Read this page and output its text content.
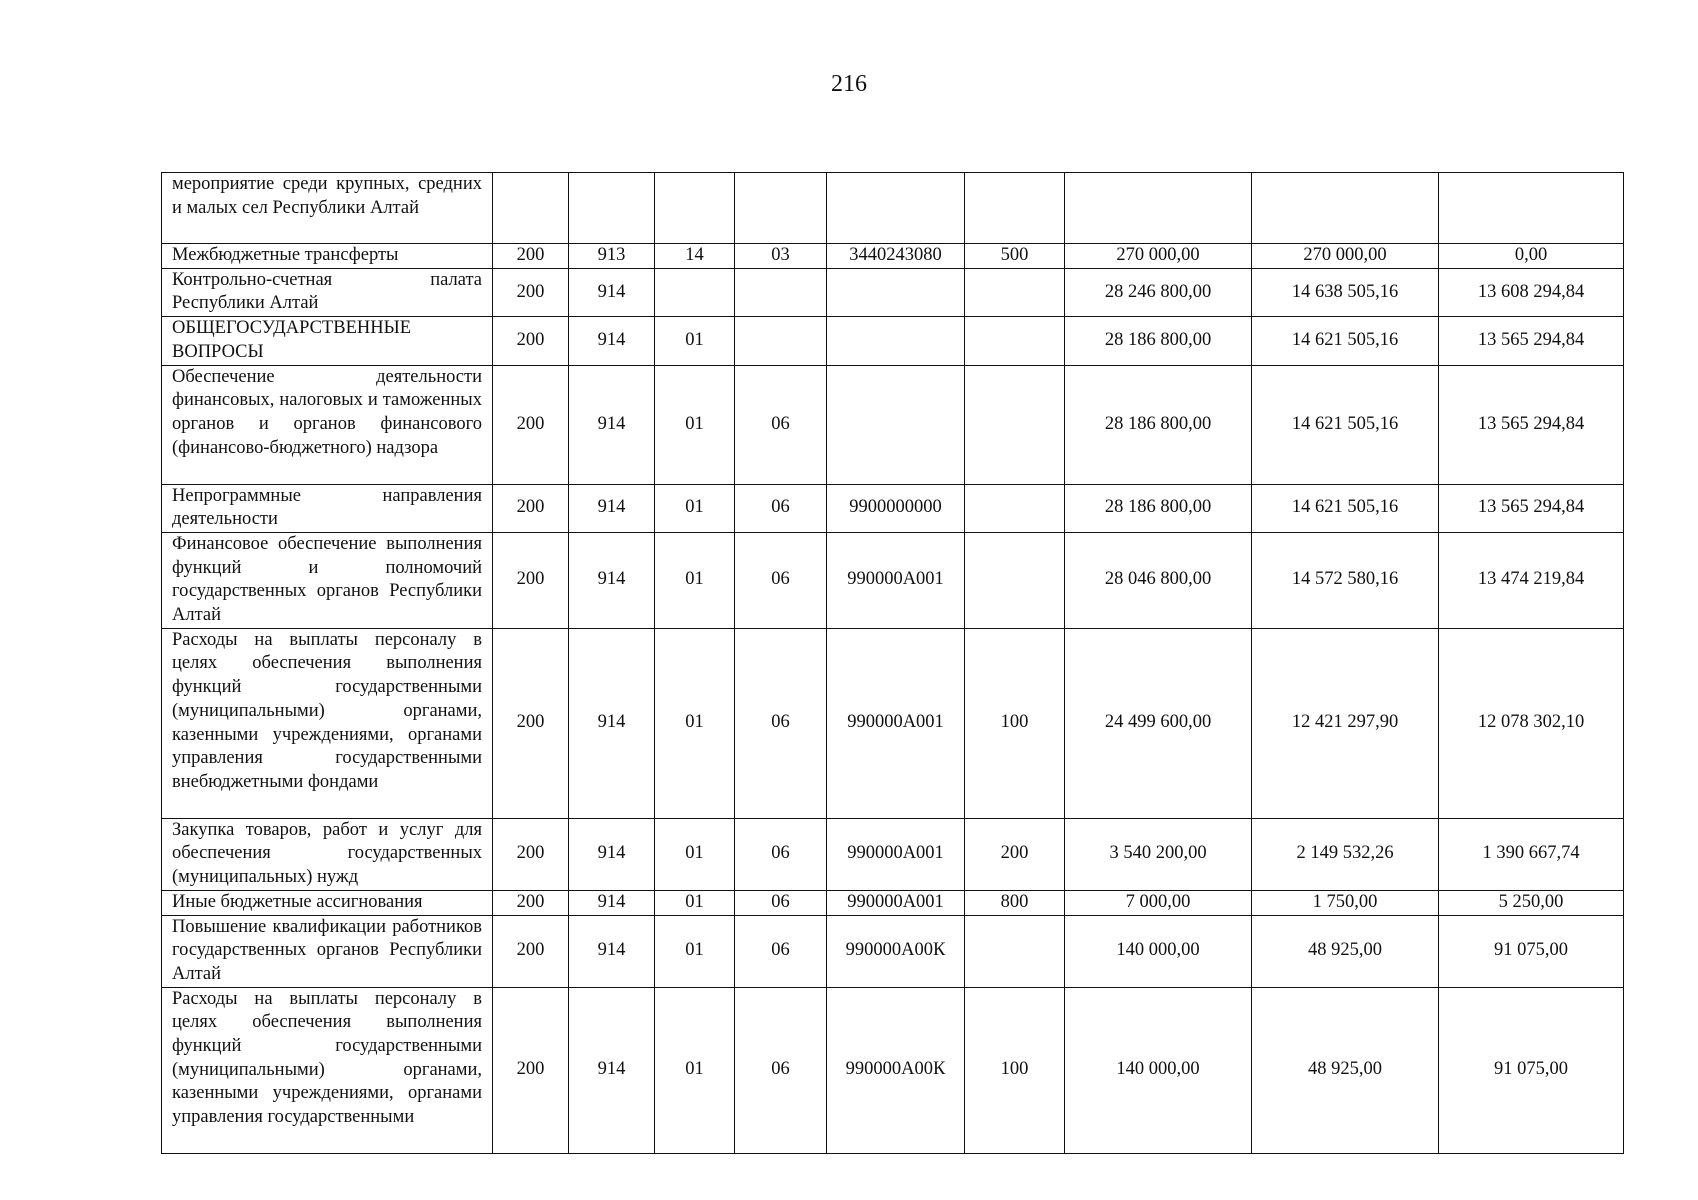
216
мероприятие среди крупных, средних и малых сел Республики Алтай									
Межбюджетные трансферты	200	913	14	03	3440243080	500	270 000,00	270 000,00	0,00
Контрольно-счетная палата Республики Алтай	200	914					28 246 800,00	14 638 505,16	13 608 294,84
ОБЩЕГОСУДАРСТВЕННЫЕ ВОПРОСЫ	200	914	01				28 186 800,00	14 621 505,16	13 565 294,84
Обеспечение деятельности финансовых, налоговых и таможенных органов и органов финансового (финансово-бюджетного) надзора	200	914	01	06			28 186 800,00	14 621 505,16	13 565 294,84
Непрограммные направления деятельности	200	914	01	06	9900000000		28 186 800,00	14 621 505,16	13 565 294,84
Финансовое обеспечение выполнения функций и полномочий государственных органов Республики Алтай	200	914	01	06	990000А001		28 046 800,00	14 572 580,16	13 474 219,84
Расходы на выплаты персоналу в целях обеспечения выполнения функций государственными (муниципальными) органами, казенными учреждениями, органами управления государственными внебюджетными фондами	200	914	01	06	990000А001	100	24 499 600,00	12 421 297,90	12 078 302,10
Закупка товаров, работ и услуг для обеспечения государственных (муниципальных) нужд	200	914	01	06	990000А001	200	3 540 200,00	2 149 532,26	1 390 667,74
Иные бюджетные ассигнования	200	914	01	06	990000А001	800	7 000,00	1 750,00	5 250,00
Повышение квалификации работников государственных органов Республики Алтай	200	914	01	06	990000А00К		140 000,00	48 925,00	91 075,00
Расходы на выплаты персоналу в целях обеспечения выполнения функций государственными (муниципальными) органами, казенными учреждениями, органами управления государственными	200	914	01	06	990000А00К	100	140 000,00	48 925,00	91 075,00
